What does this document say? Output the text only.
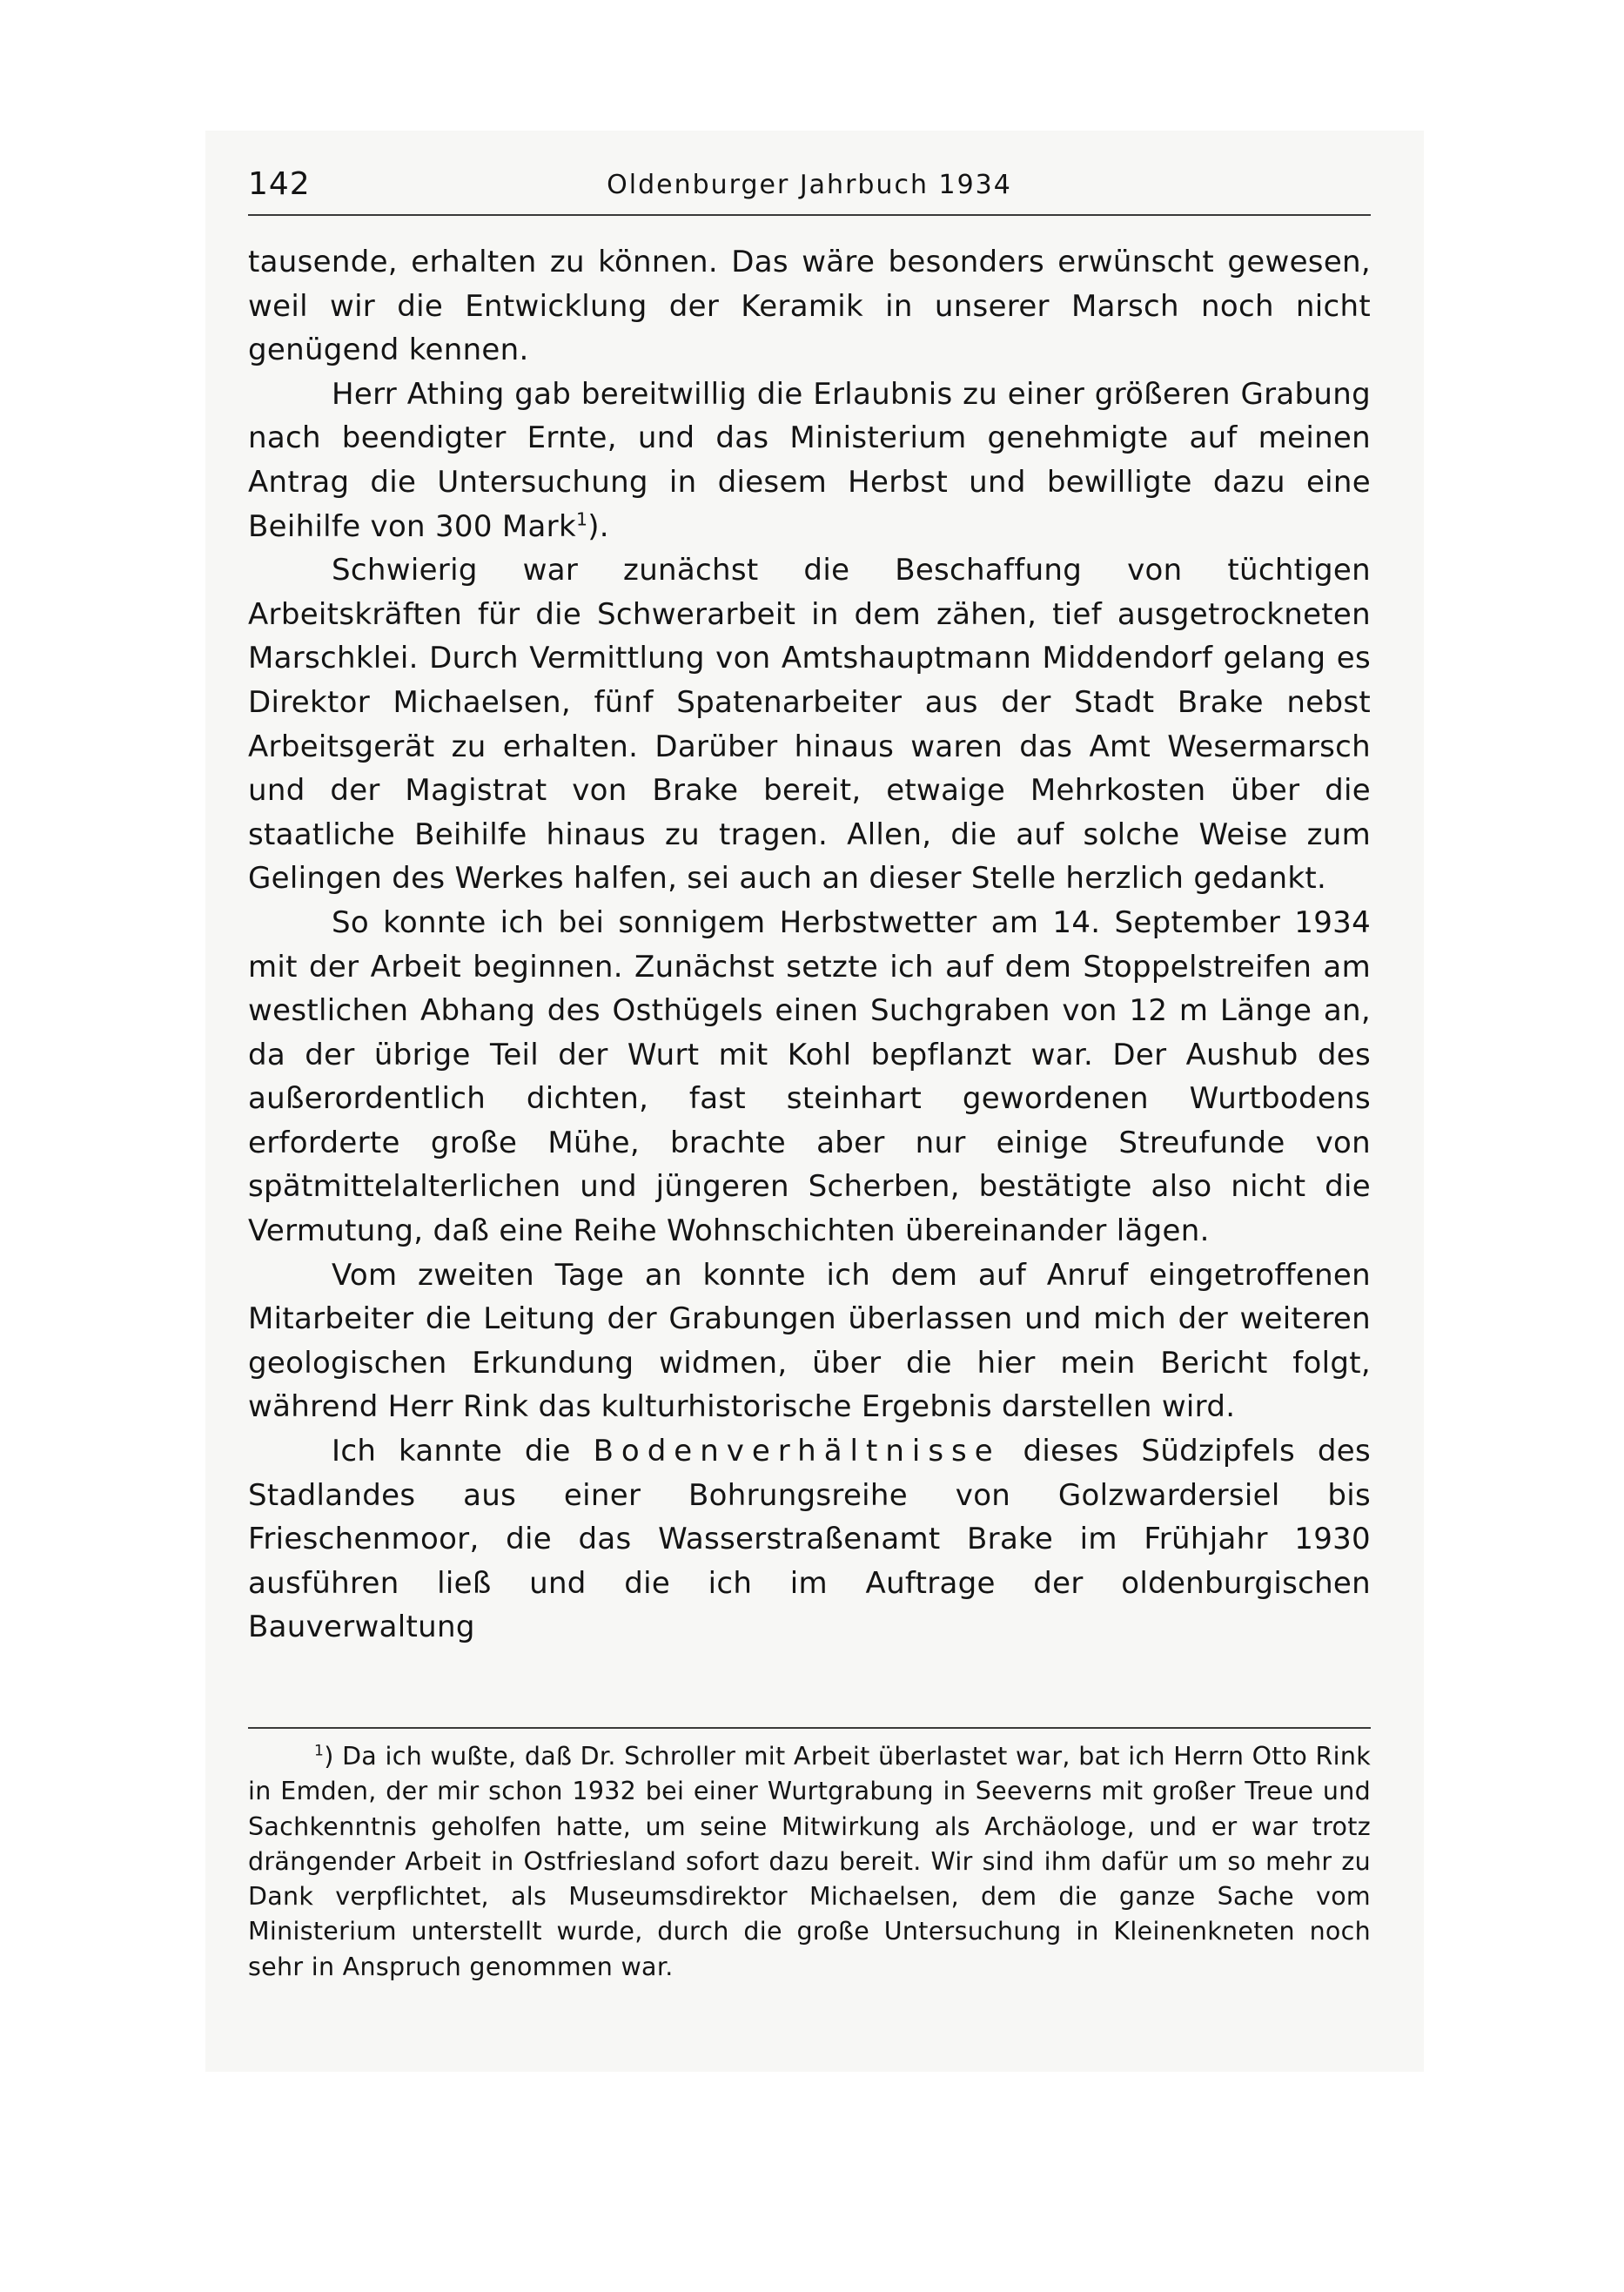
142	Oldenburger Jahrbuch 1934

tausende, erhalten zu können. Das wäre besonders erwünscht gewesen, weil wir die Entwicklung der Keramik in unserer Marsch noch nicht genügend kennen.

Herr Athing gab bereitwillig die Erlaubnis zu einer größeren Grabung nach beendigter Ernte, und das Ministerium genehmigte auf meinen Antrag die Untersuchung in diesem Herbst und bewilligte dazu eine Beihilfe von 300 Mark$^1$).

Schwierig war zunächst die Beschaffung von tüchtigen Arbeitskräften für die Schwerarbeit in dem zähen, tief ausgetrockneten Marschklei. Durch Vermittlung von Amtshauptmann Middendorf gelang es Direktor Michaelsen, fünf Spatenarbeiter aus der Stadt Brake nebst Arbeitsgerät zu erhalten. Darüber hinaus waren das Amt Wesermarsch und der Magistrat von Brake bereit, etwaige Mehrkosten über die staatliche Beihilfe hinaus zu tragen. Allen, die auf solche Weise zum Gelingen des Werkes halfen, sei auch an dieser Stelle herzlich gedankt.

So konnte ich bei sonnigem Herbstwetter am 14. September 1934 mit der Arbeit beginnen. Zunächst setzte ich auf dem Stoppelstreifen am westlichen Abhang des Osthügels einen Suchgraben von 12 m Länge an, da der übrige Teil der Wurt mit Kohl bepflanzt war. Der Aushub des außerordentlich dichten, fast steinhart gewordenen Wurtbodens erforderte große Mühe, brachte aber nur einige Streufunde von spätmittelalterlichen und jüngeren Scherben, bestätigte also nicht die Vermutung, daß eine Reihe Wohnschichten übereinander lägen.

Vom zweiten Tage an konnte ich dem auf Anruf eingetroffenen Mitarbeiter die Leitung der Grabungen überlassen und mich der weiteren geologischen Erkundung widmen, über die hier mein Bericht folgt, während Herr Rink das kulturhistorische Ergebnis darstellen wird.

Ich kannte die Bodenverhältnisse dieses Südzipfels des Stadlandes aus einer Bohrungsreihe von Golzwardersiel bis Frieschenmoor, die das Wasserstraßenamt Brake im Frühjahr 1930 ausführen ließ und die ich im Auftrage der oldenburgischen Bauverwaltung

$^1$) Da ich wußte, daß Dr. Schroller mit Arbeit überlastet war, bat ich Herrn Otto Rink in Emden, der mir schon 1932 bei einer Wurtgrabung in Seeverns mit großer Treue und Sachkenntnis geholfen hatte, um seine Mitwirkung als Archäologe, und er war trotz drängender Arbeit in Ostfriesland sofort dazu bereit. Wir sind ihm dafür um so mehr zu Dank verpflichtet, als Museumsdirektor Michaelsen, dem die ganze Sache vom Ministerium unterstellt wurde, durch die große Untersuchung in Kleinenkneten noch sehr in Anspruch genommen war.
